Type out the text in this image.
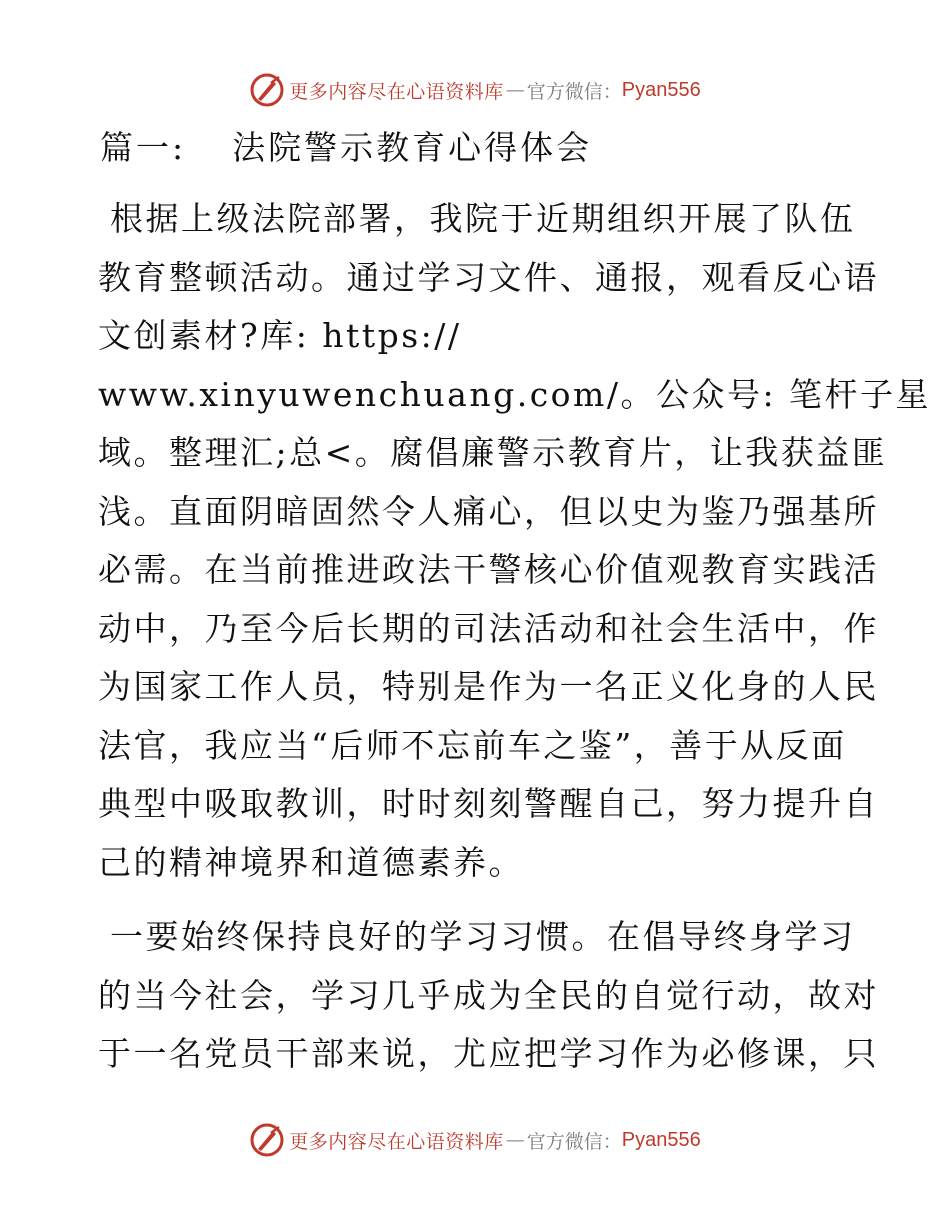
更多内容尽在心语资料库 — 官方微信： Pyan556
篇一: 法院警示教育心得体会
根据上级法院部署，我院于近期组织开展了队伍
教育整顿活动。通过学习文件、通报，观看反心语
文创素材?库: https://
www.xinyuwenchuang.com/。公众号: 笔杆子星
域。整理汇;总<。腐倡廉警示教育片，让我获益匪
浅。直面阴暗固然令人痛心，但以史为鉴乃强基所
必需。在当前推进政法干警核心价值观教育实践活
动中，乃至今后长期的司法活动和社会生活中，作
为国家工作人员，特别是作为一名正义化身的人民
法官，我应当“后师不忘前车之鉴”，善于从反面
典型中吸取教训，时时刻刻警醒自己，努力提升自
己的精神境界和道德素养。
一要始终保持良好的学习习惯。在倡导终身学习
的当今社会，学习几乎成为全民的自觉行动，故对
于一名党员干部来说，尤应把学习作为必修课，只
更多内容尽在心语资料库 — 官方微信： Pyan556
